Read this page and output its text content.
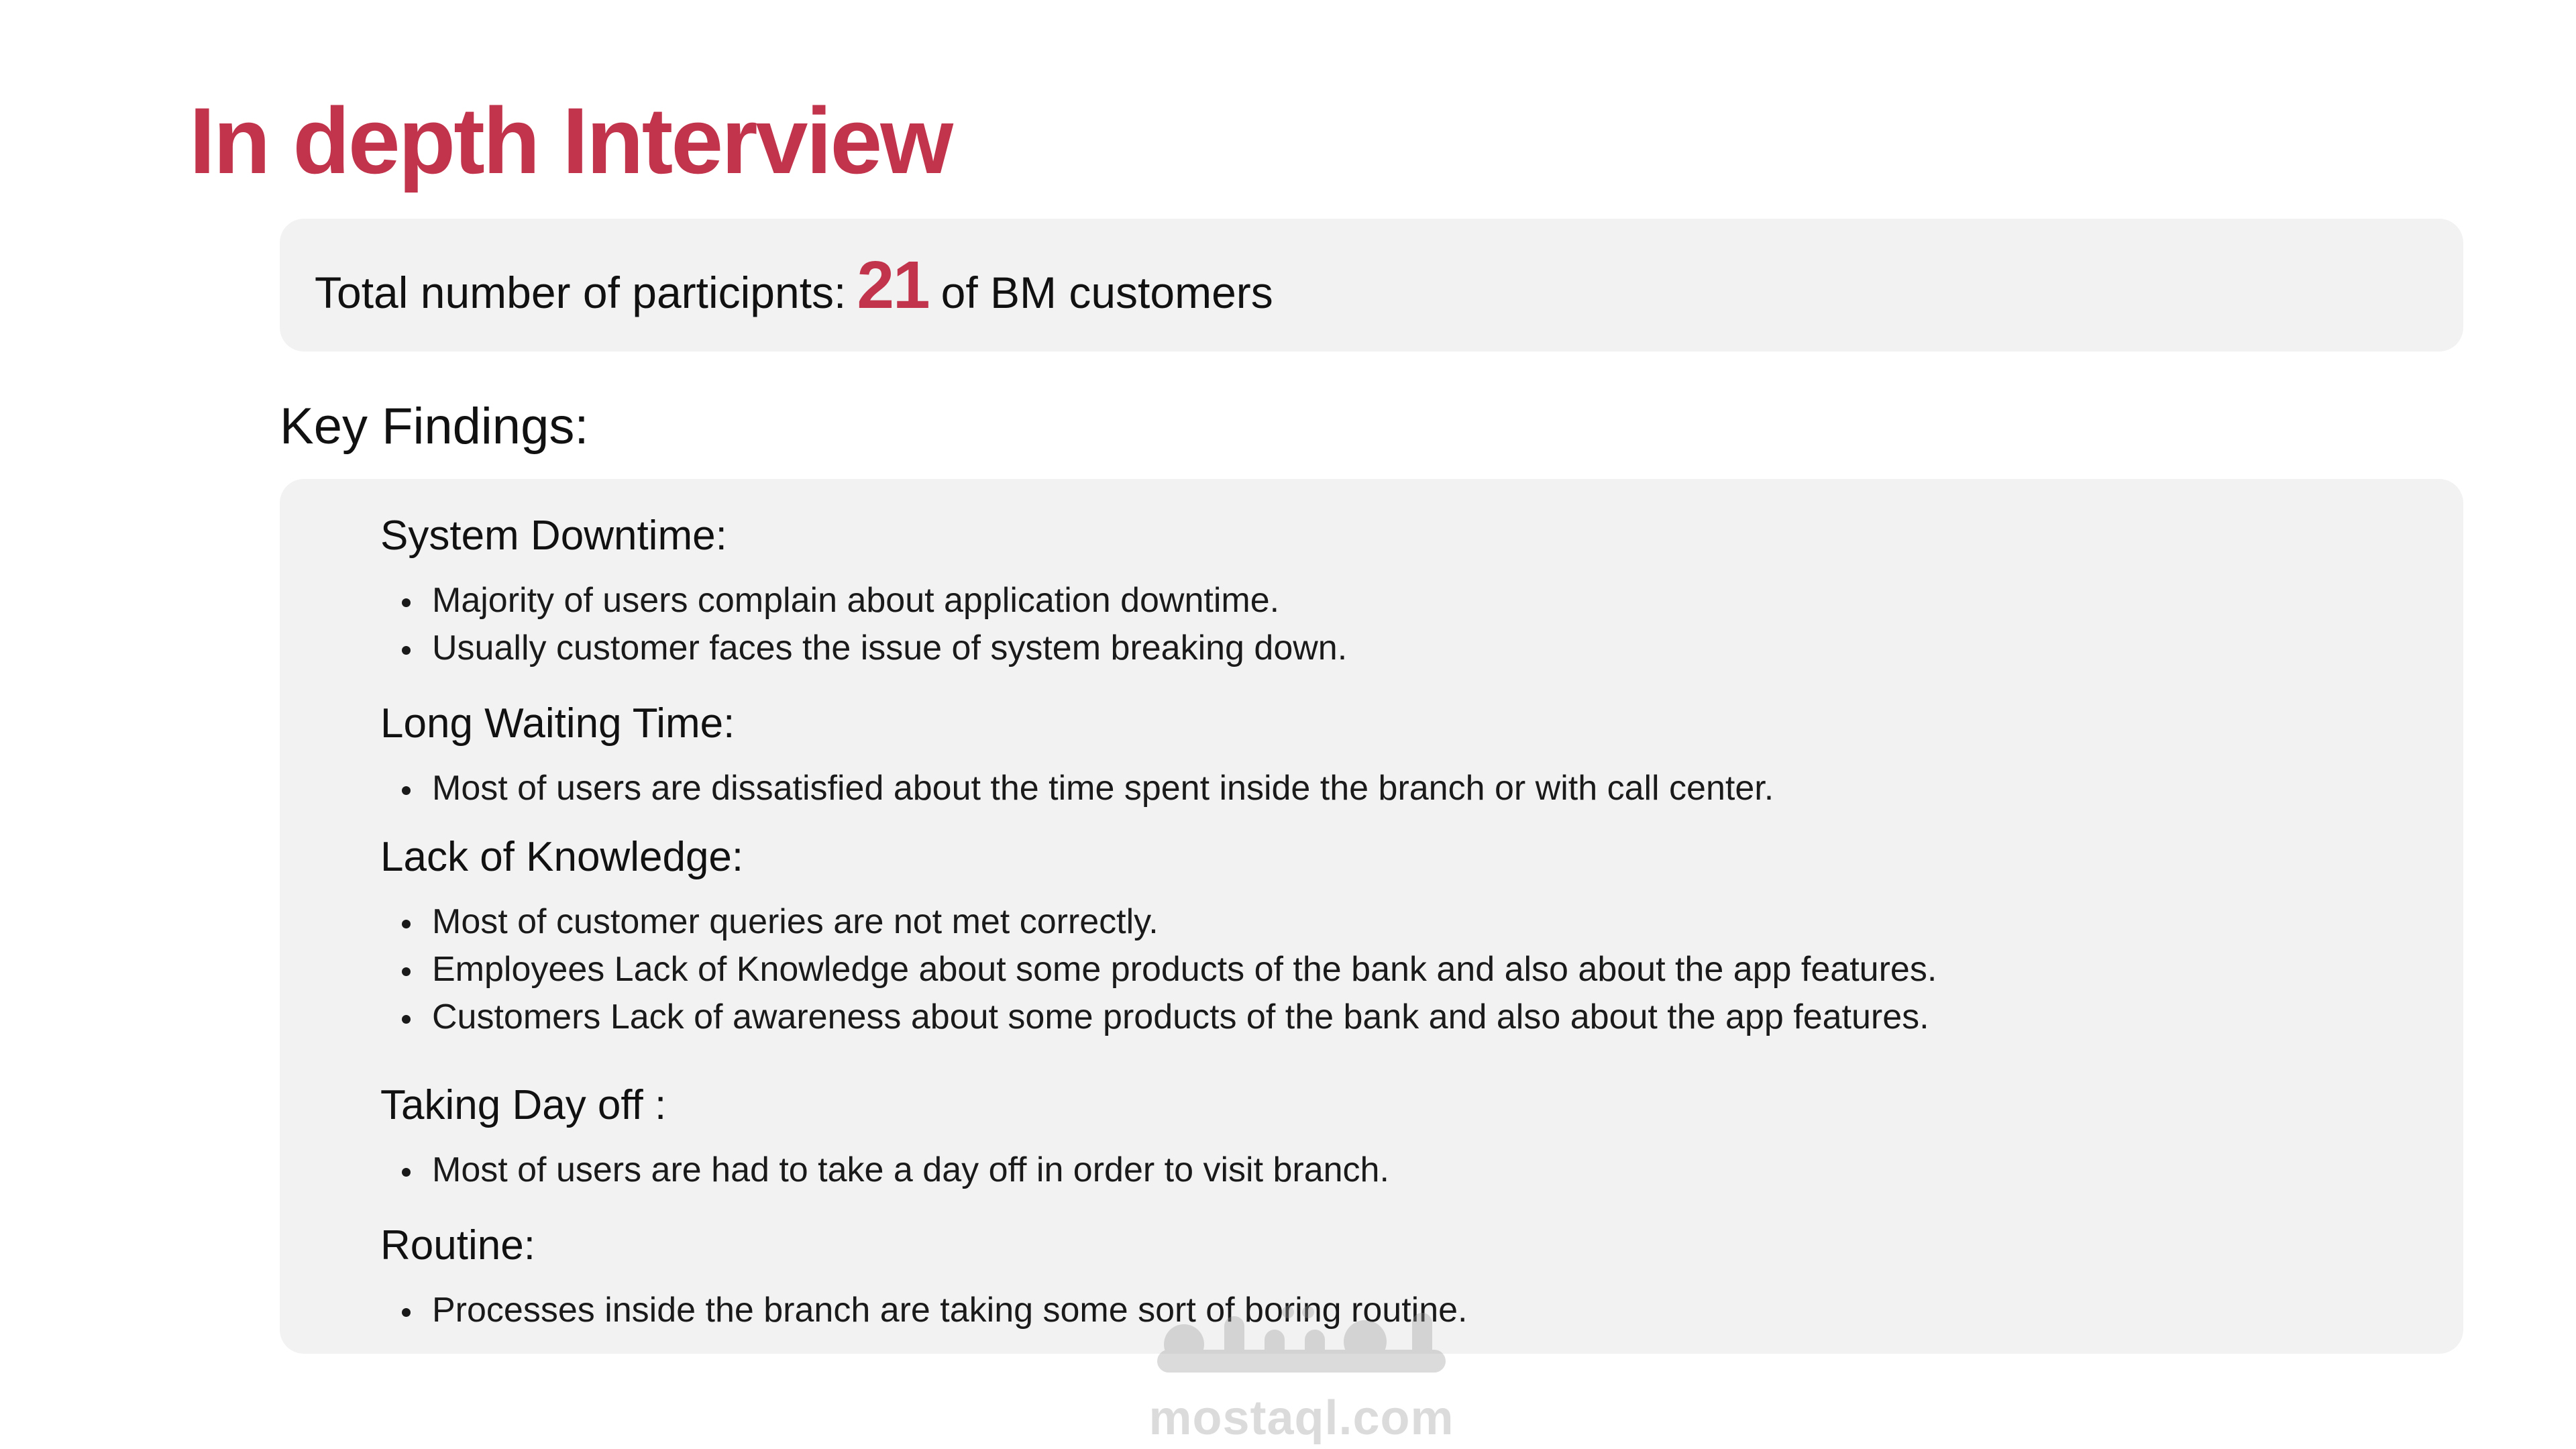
In depth Interview
Total number of participnts: 21 of BM customers
Key Findings:
System Downtime:
Majority of users complain about application downtime.
Usually customer faces the issue of system breaking down.
Long Waiting Time:
Most of users are dissatisfied about the time spent inside the branch or with call center.
Lack of Knowledge:
Most of customer queries are not met correctly.
Employees Lack of Knowledge about some products of the bank and also about the app features.
Customers Lack of awareness about some products of the bank and also about the app features.
Taking Day off :
Most of users are had to take a day off in order to visit branch.
Routine:
Processes inside the branch are taking some sort of boring routine.
mostaql.com
